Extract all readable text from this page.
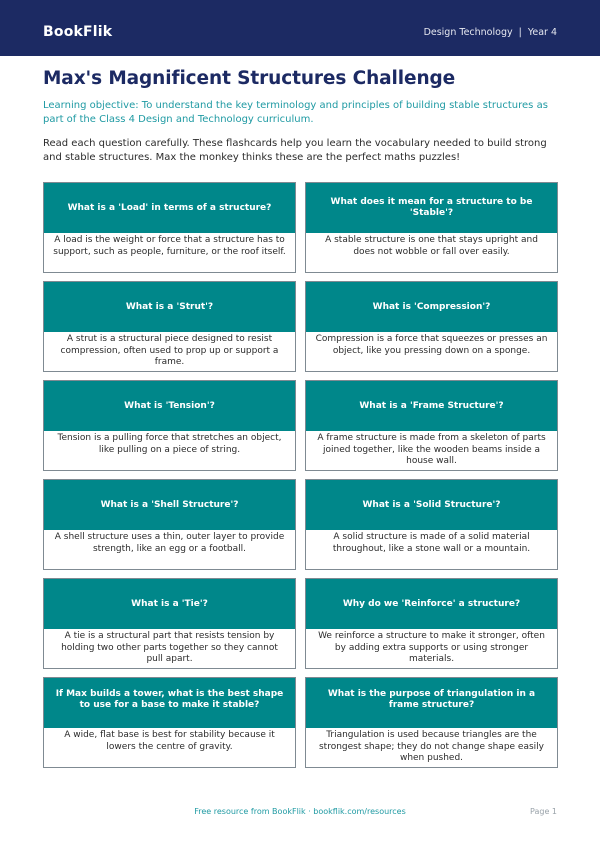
BookFlik	Design Technology | Year 4
Max's Magnificent Structures Challenge

Learning objective: To understand the key terminology and principles of building stable structures as part of the Class 4 Design and Technology curriculum.

Read each question carefully. These flashcards help you learn the vocabulary needed to build strong and stable structures. Max the monkey thinks these are the perfect maths puzzles!

What is a 'Load' in terms of a structure?
A load is the weight or force that a structure has to support, such as people, furniture, or the roof itself.
What does it mean for a structure to be 'Stable'?
A stable structure is one that stays upright and does not wobble or fall over easily.
What is a 'Strut'?
A strut is a structural piece designed to resist compression, often used to prop up or support a frame.
What is 'Compression'?
Compression is a force that squeezes or presses an object, like you pressing down on a sponge.
What is 'Tension'?
Tension is a pulling force that stretches an object, like pulling on a piece of string.
What is a 'Frame Structure'?
A frame structure is made from a skeleton of parts joined together, like the wooden beams inside a house wall.
What is a 'Shell Structure'?
A shell structure uses a thin, outer layer to provide strength, like an egg or a football.
What is a 'Solid Structure'?
A solid structure is made of a solid material throughout, like a stone wall or a mountain.
What is a 'Tie'?
A tie is a structural part that resists tension by holding two other parts together so they cannot pull apart.
Why do we 'Reinforce' a structure?
We reinforce a structure to make it stronger, often by adding extra supports or using stronger materials.
If Max builds a tower, what is the best shape to use for a base to make it stable?
A wide, flat base is best for stability because it lowers the centre of gravity.
What is the purpose of triangulation in a frame structure?
Triangulation is used because triangles are the strongest shape; they do not change shape easily when pushed.
Free resource from BookFlik · bookflik.com/resources	Page 1
